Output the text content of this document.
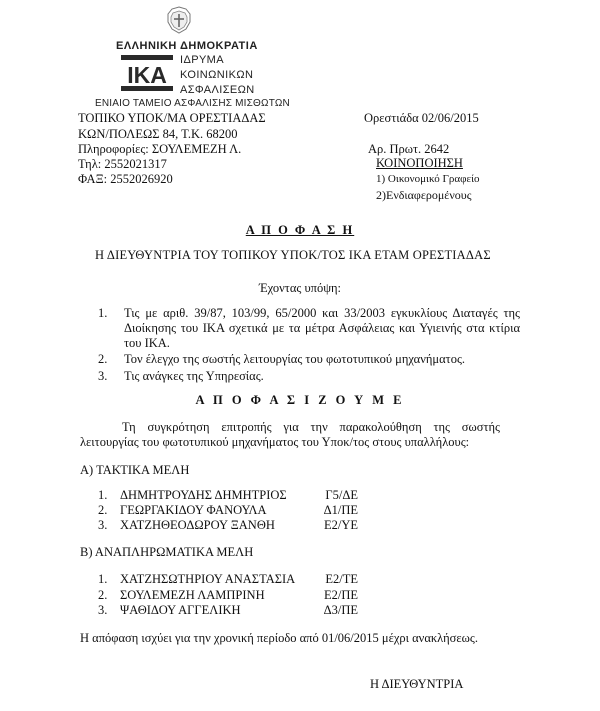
ΕΛΛΗΝΙΚΗ ΔΗΜΟΚΡΑΤΙΑ
ΙΚΑ
ΙΔΡΥΜΑ
ΚΟΙΝΩΝΙΚΩΝ
ΑΣΦΑΛΙΣΕΩΝ
ΕΝΙΑΙΟ ΤΑΜΕΙΟ ΑΣΦΑΛΙΣΗΣ ΜΙΣΘΩΤΩΝ
ΤΟΠΙΚΟ ΥΠΟΚ/ΜΑ ΟΡΕΣΤΙΑΔΑΣ
ΚΩΝ/ΠΟΛΕΩΣ 84, Τ.Κ. 68200
Πληροφορίες: ΣΟΥΛΕΜΕΖΗ Λ.
Τηλ: 2552021317
ΦΑΞ: 2552026920
Ορεστιάδα 02/06/2015
Αρ. Πρωτ. 2642
ΚΟΙΝΟΠΟΙΗΣΗ
1) Οικονομικό Γραφείο
2)Ενδιαφερομένους
Α Π Ο Φ Α Σ Η
Η ΔΙΕΥΘΥΝΤΡΙΑ ΤΟΥ ΤΟΠΙΚΟΥ ΥΠΟΚ/ΤΟΣ ΙΚΑ ΕΤΑΜ ΟΡΕΣΤΙΑΔΑΣ
Έχοντας υπόψη:
1. Τις με αριθ. 39/87, 103/99, 65/2000 και 33/2003 εγκυκλίους Διαταγές της Διοίκησης του ΙΚΑ σχετικά με τα μέτρα Ασφάλειας και Υγιεινής στα κτίρια του ΙΚΑ.
2. Τον έλεγχο της σωστής λειτουργίας του φωτοτυπικού μηχανήματος.
3. Τις ανάγκες της Υπηρεσίας.
Α Π Ο Φ Α Σ Ι Ζ Ο Υ Μ Ε
Τη συγκρότηση επιτροπής για την παρακολούθηση της σωστής λειτουργίας του φωτοτυπικού μηχανήματος του Υποκ/τος στους υπαλλήλους:
Α) ΤΑΚΤΙΚΑ ΜΕΛΗ
1. ΔΗΜΗΤΡΟΥΔΗΣ ΔΗΜΗΤΡΙΟΣ	Γ5/ΔΕ
2. ΓΕΩΡΓΑΚΙΔΟΥ ΦΑΝΟΥΛΑ	Δ1/ΠΕ
3. ΧΑΤΖΗΘΕΟΔΩΡΟΥ ΞΑΝΘΗ	Ε2/ΥΕ
Β) ΑΝΑΠΛΗΡΩΜΑΤΙΚΑ ΜΕΛΗ
1. ΧΑΤΖΗΣΩΤΗΡΙΟΥ ΑΝΑΣΤΑΣΙΑ Ε2/ΤΕ
2. ΣΟΥΛΕΜΕΖΗ ΛΑΜΠΡΙΝΗ	Ε2/ΠΕ
3. ΨΑΘΙΔΟΥ ΑΓΓΕΛΙΚΗ	Δ3/ΠΕ
Η απόφαση ισχύει για την χρονική περίοδο από 01/06/2015 μέχρι ανακλήσεως.
Η ΔΙΕΥΘΥΝΤΡΙΑ
